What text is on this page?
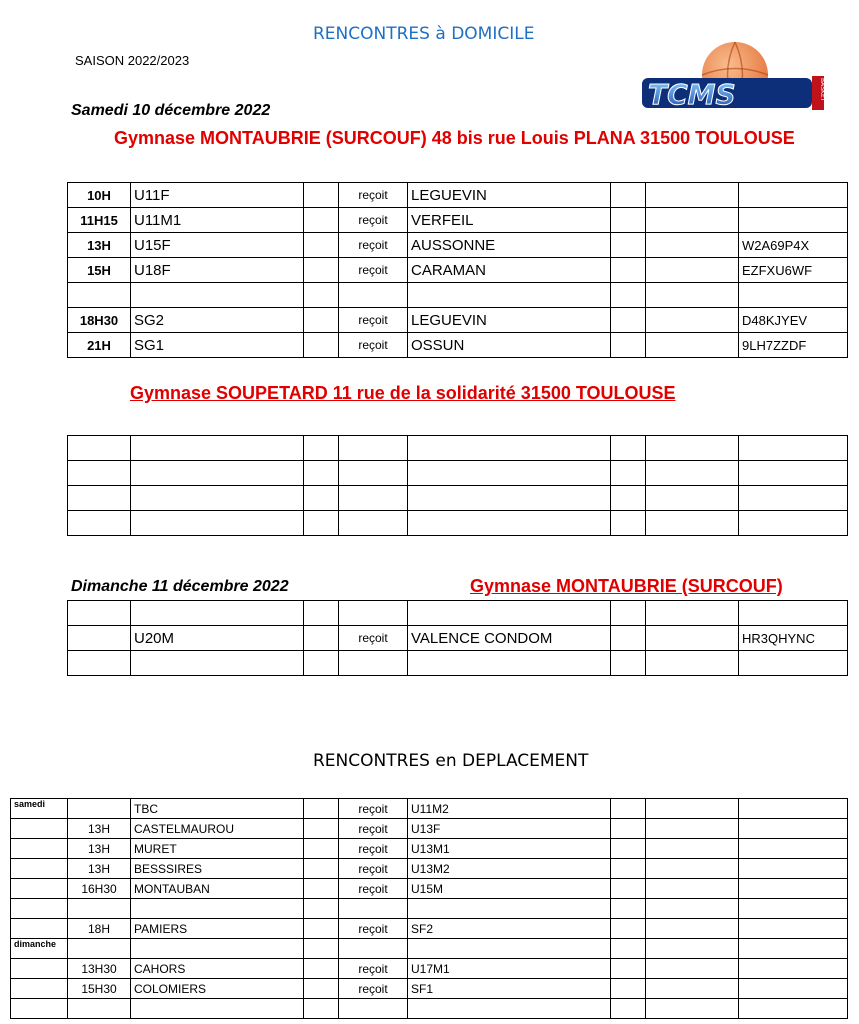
RENCONTRES à DOMICILE
SAISON 2022/2023
TCMS	BASKET
Samedi 10 décembre 2022
Gymnase MONTAUBRIE (SURCOUF) 48 bis rue Louis PLANA 31500 TOULOUSE
10H	U11F		reçoit	LEGUEVIN			
11H15	U11M1		reçoit	VERFEIL			
13H	U15F		reçoit	AUSSONNE			W2A69P4X
15H	U18F		reçoit	CARAMAN			EZFXU6WF

18H30	SG2		reçoit	LEGUEVIN			D48KJYEV
21H	SG1		reçoit	OSSUN			9LH7ZZDF
Gymnase SOUPETARD 11 rue de la solidarité 31500 TOULOUSE

Dimanche 11 décembre 2022	Gymnase MONTAUBRIE (SURCOUF)

	U20M		reçoit	VALENCE CONDOM			HR3QHYNC

RENCONTRES en DEPLACEMENT
samedi		TBC		reçoit	U11M2			
	13H	CASTELMAUROU		reçoit	U13F			
	13H	MURET		reçoit	U13M1			
	13H	BESSSIRES		reçoit	U13M2			
	16H30	MONTAUBAN		reçoit	U15M			

	18H	PAMIERS		reçoit	SF2			
dimanche								
	13H30	CAHORS		reçoit	U17M1			
	15H30	COLOMIERS		reçoit	SF1			
